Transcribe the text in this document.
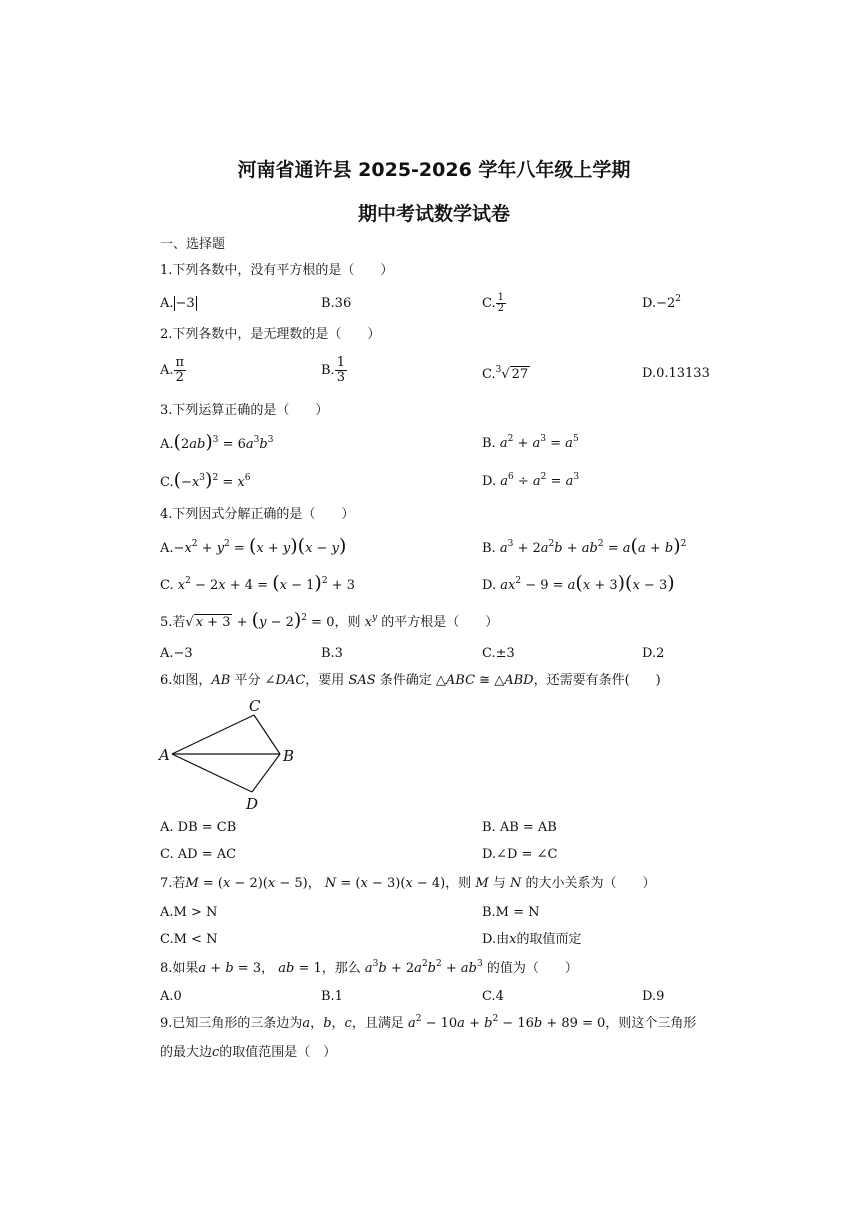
河南省通许县 2025-2026 学年八年级上学期
期中考试数学试卷
一、选择题
1.下列各数中，没有平方根的是（　　）
A. −3	B.36	C. $\frac{1}{2}$	$D.-2^2$
2.下列各数中，是无理数的是（　　）
A. $\frac{\pi}{2}$	B. $\frac{1}{3}$	C.$^3$√ 27	D.0.13133
3.下列运算正确的是（　　）
$A.(2ab)^3 = 6a^3b^3$	B. $a^2 + a^3 = a^5$
$C.(-x^3)^2 = x^6$	D. $a^6 \div a^2 = a^3$
4.下列因式分解正确的是（　　）
$A.-x^2 + y^2 = (x + y)(x - y)$	B. $a^3 + 2a^2b + ab^2 = a(a + b)^2$
C. $x^2 - 2x + 4 = (x - 1)^2 + 3$	D. $ax^2 - 9 = a(x + 3)(x - 3)$
5.若√ $x + 3 + (y - 2)^2 = 0$，则 $x^y$ 的平方根是（　　）
A.−3	B.3	C.±3	D.2
6.如图，AB 平分 ∠DAC，要用 SAS 条件确定 △ABC ≅ △ABD，还需要有条件(　　)
A	B
C
D
A. DB = CB	B. AB = AB
C. AD = AC	D.∠D = ∠C
7.若M = (x − 2)(x − 5)， N = (x − 3)(x − 4)，则 M 与 N 的大小关系为（　　）
A.M > N	B.M = N
C.M < N	D.由x的取值而定
8.如果a + b = 3， ab = 1，那么 $a^3b + 2a^2b^2 + ab^3$ 的值为（　　）
A.0	B.1	C.4	D.9
9.已知三角形的三条边为a，b，c，且满足 $a^2 - 10a + b^2 - 16b + 89 = 0$，则这个三角形
的最大边c的取值范围是（　）
